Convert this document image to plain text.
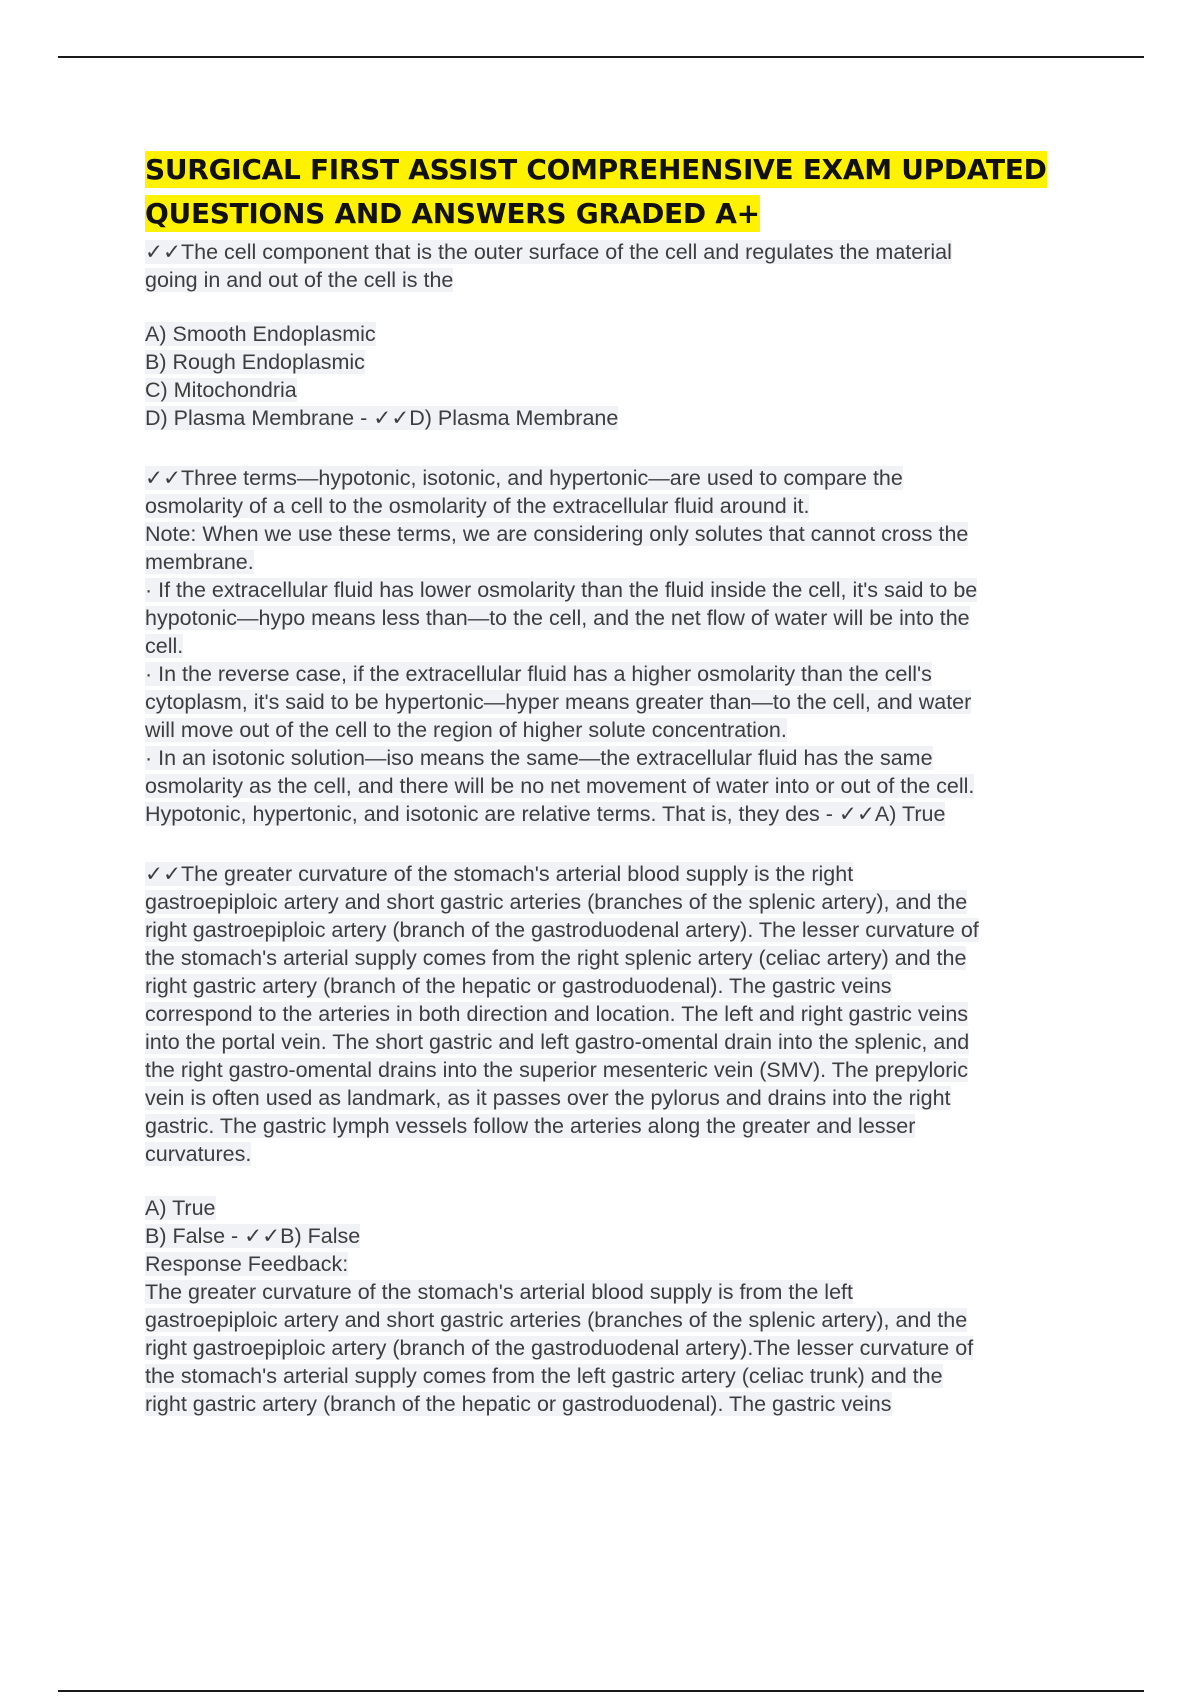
SURGICAL FIRST ASSIST COMPREHENSIVE EXAM UPDATED
QUESTIONS AND ANSWERS GRADED A+

✓✓The cell component that is the outer surface of the cell and regulates the material

going in and out of the cell is the

A) Smooth Endoplasmic

B) Rough Endoplasmic

C) Mitochondria

D) Plasma Membrane - ✓✓D) Plasma Membrane

✓✓Three terms—hypotonic, isotonic, and hypertonic—are used to compare the

osmolarity of a cell to the osmolarity of the extracellular fluid around it.

Note: When we use these terms, we are considering only solutes that cannot cross the

membrane.

· If the extracellular fluid has lower osmolarity than the fluid inside the cell, it's said to be

hypotonic—hypo means less than—to the cell, and the net flow of water will be into the

cell.

· In the reverse case, if the extracellular fluid has a higher osmolarity than the cell's

cytoplasm, it's said to be hypertonic—hyper means greater than—to the cell, and water

will move out of the cell to the region of higher solute concentration.

· In an isotonic solution—iso means the same—the extracellular fluid has the same

osmolarity as the cell, and there will be no net movement of water into or out of the cell.

Hypotonic, hypertonic, and isotonic are relative terms. That is, they des - ✓✓A) True

✓✓The greater curvature of the stomach's arterial blood supply is the right

gastroepiploic artery and short gastric arteries (branches of the splenic artery), and the

right gastroepiploic artery (branch of the gastroduodenal artery). The lesser curvature of

the stomach's arterial supply comes from the right splenic artery (celiac artery) and the

right gastric artery (branch of the hepatic or gastroduodenal). The gastric veins

correspond to the arteries in both direction and location. The left and right gastric veins

into the portal vein. The short gastric and left gastro-omental drain into the splenic, and

the right gastro-omental drains into the superior mesenteric vein (SMV). The prepyloric

vein is often used as landmark, as it passes over the pylorus and drains into the right

gastric. The gastric lymph vessels follow the arteries along the greater and lesser

curvatures.

A) True

B) False - ✓✓B) False

Response Feedback:

The greater curvature of the stomach's arterial blood supply is from the left

gastroepiploic artery and short gastric arteries (branches of the splenic artery), and the

right gastroepiploic artery (branch of the gastroduodenal artery).The lesser curvature of

the stomach's arterial supply comes from the left gastric artery (celiac trunk) and the

right gastric artery (branch of the hepatic or gastroduodenal). The gastric veins
